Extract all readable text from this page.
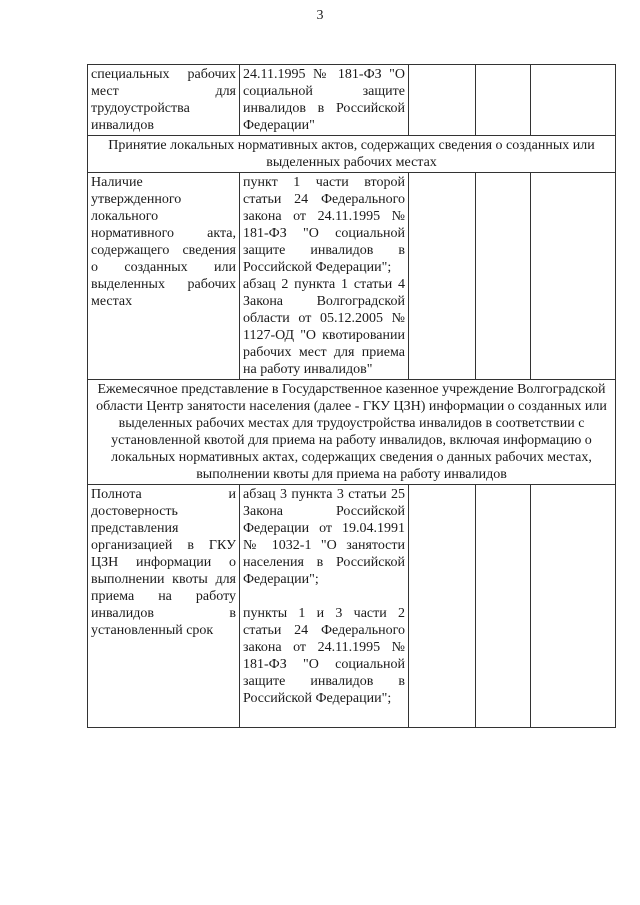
3
специальных рабочих мест для трудоустройства инвалидов	24.11.1995 № 181-ФЗ "О социальной защите инвалидов в Российской Федерации"			

Принятие локальных нормативных актов, содержащих сведения о созданных или выделенных рабочих местах				

Наличие утвержденного локального нормативного акта, содержащего сведения о созданных или выделенных рабочих местах	пункт 1 части второй статьи 24 Федерального закона от 24.11.1995 № 181-ФЗ "О социальной защите инвалидов в Российской Федерации";
абзац 2 пункта 1 статьи 4 Закона Волгоградской области от 05.12.2005 № 1127-ОД "О квотировании рабочих мест для приема на работу инвалидов"			

Ежемесячное представление в Государственное казенное учреждение Волгоградской области Центр занятости населения (далее - ГКУ ЦЗН) информации о созданных или выделенных рабочих местах для трудоустройства инвалидов в соответствии с установленной квотой для приема на работу инвалидов, включая информацию о локальных нормативных актах, содержащих сведения о данных рабочих местах, выполнении квоты для приема на работу инвалидов				

Полнота и достоверность представления организацией в ГКУ ЦЗН информации о выполнении квоты для приема на работу инвалидов в установленный срок	абзац 3 пункта 3 статьи 25 Закона Российской Федерации от 19.04.1991 № 1032-1 "О занятости населения в Российской Федерации";
пункты 1 и 3 части 2 статьи 24 Федерального закона от 24.11.1995 № 181-ФЗ "О социальной защите инвалидов в Российской Федерации";			
